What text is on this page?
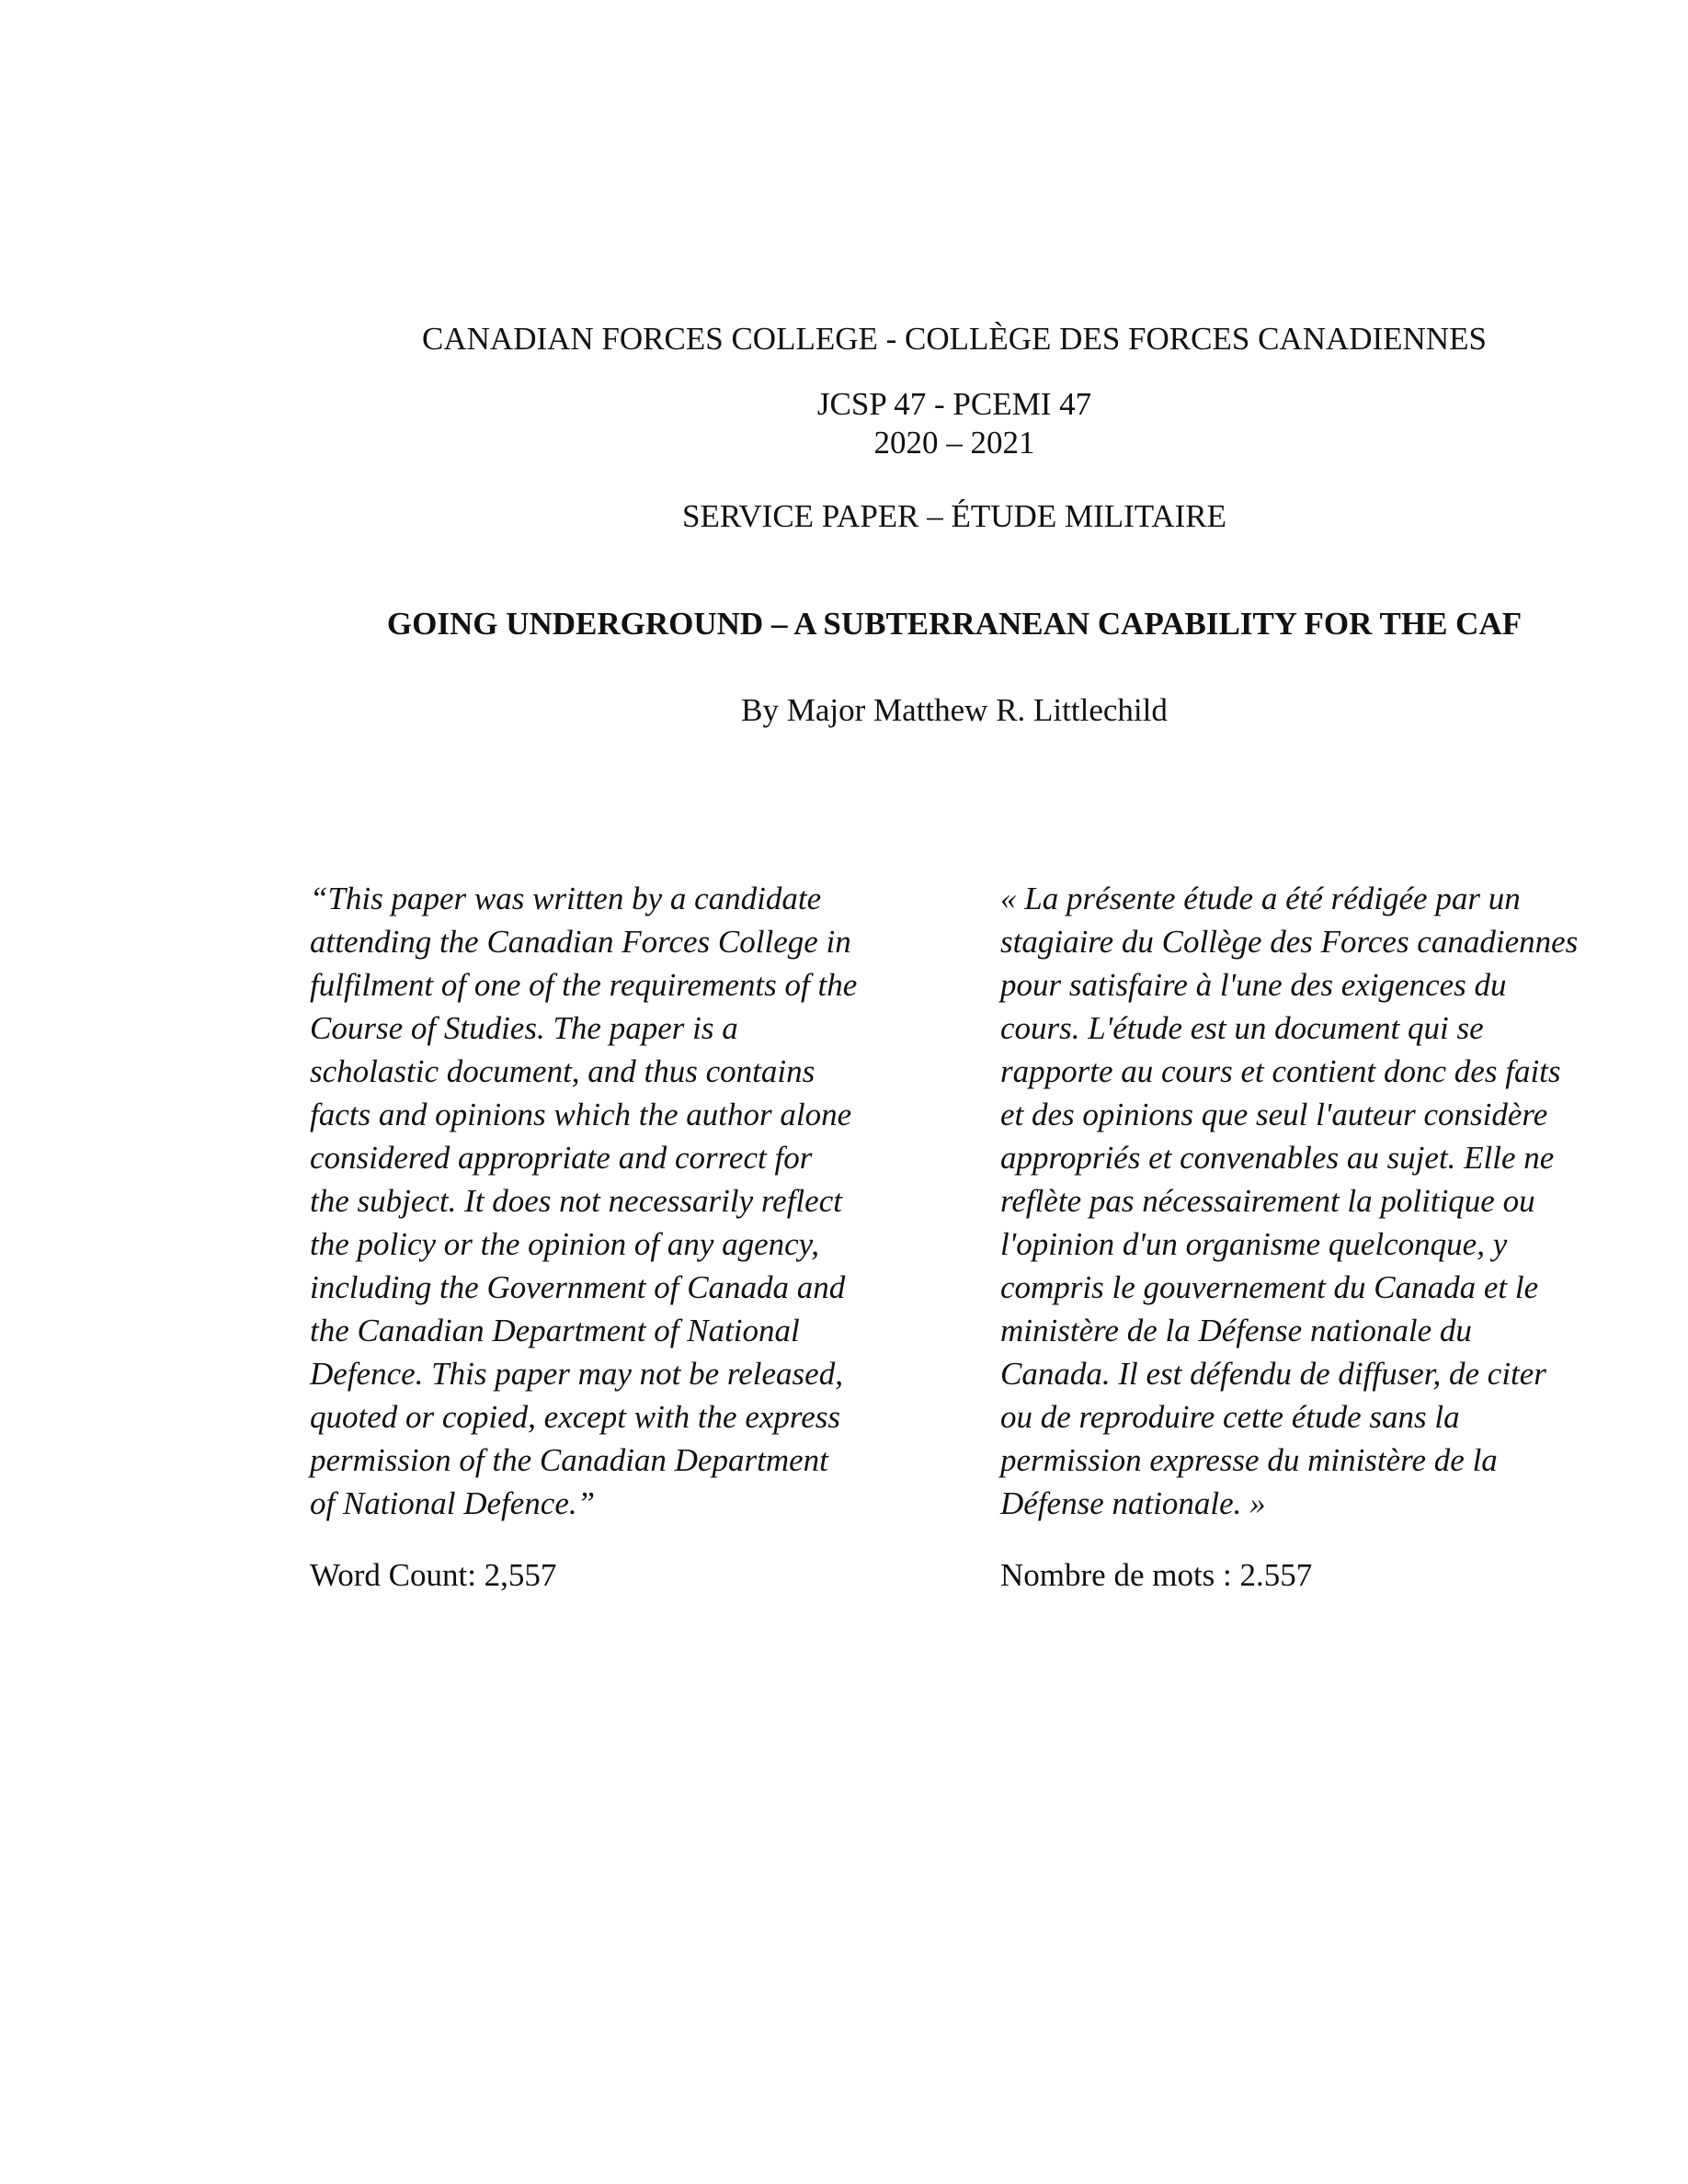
CANADIAN FORCES COLLEGE - COLLÈGE DES FORCES CANADIENNES
JCSP 47 - PCEMI 47
2020 – 2021
SERVICE PAPER – ÉTUDE MILITAIRE
GOING UNDERGROUND – A SUBTERRANEAN CAPABILITY FOR THE CAF
By Major Matthew R. Littlechild
“This paper was written by a candidate
attending the Canadian Forces College in
fulfilment of one of the requirements of the
Course of Studies. The paper is a
scholastic document, and thus contains
facts and opinions which the author alone
considered appropriate and correct for
the subject. It does not necessarily reflect
the policy or the opinion of any agency,
including the Government of Canada and
the Canadian Department of National
Defence. This paper may not be released,
quoted or copied, except with the express
permission of the Canadian Department
of National Defence.”
« La présente étude a été rédigée par un
stagiaire du Collège des Forces canadiennes
pour satisfaire à l'une des exigences du
cours. L'étude est un document qui se
rapporte au cours et contient donc des faits
et des opinions que seul l'auteur considère
appropriés et convenables au sujet. Elle ne
reflète pas nécessairement la politique ou
l'opinion d'un organisme quelconque, y
compris le gouvernement du Canada et le
ministère de la Défense nationale du
Canada. Il est défendu de diffuser, de citer
ou de reproduire cette étude sans la
permission expresse du ministère de la
Défense nationale. »
Word Count: 2,557	Nombre de mots : 2.557
